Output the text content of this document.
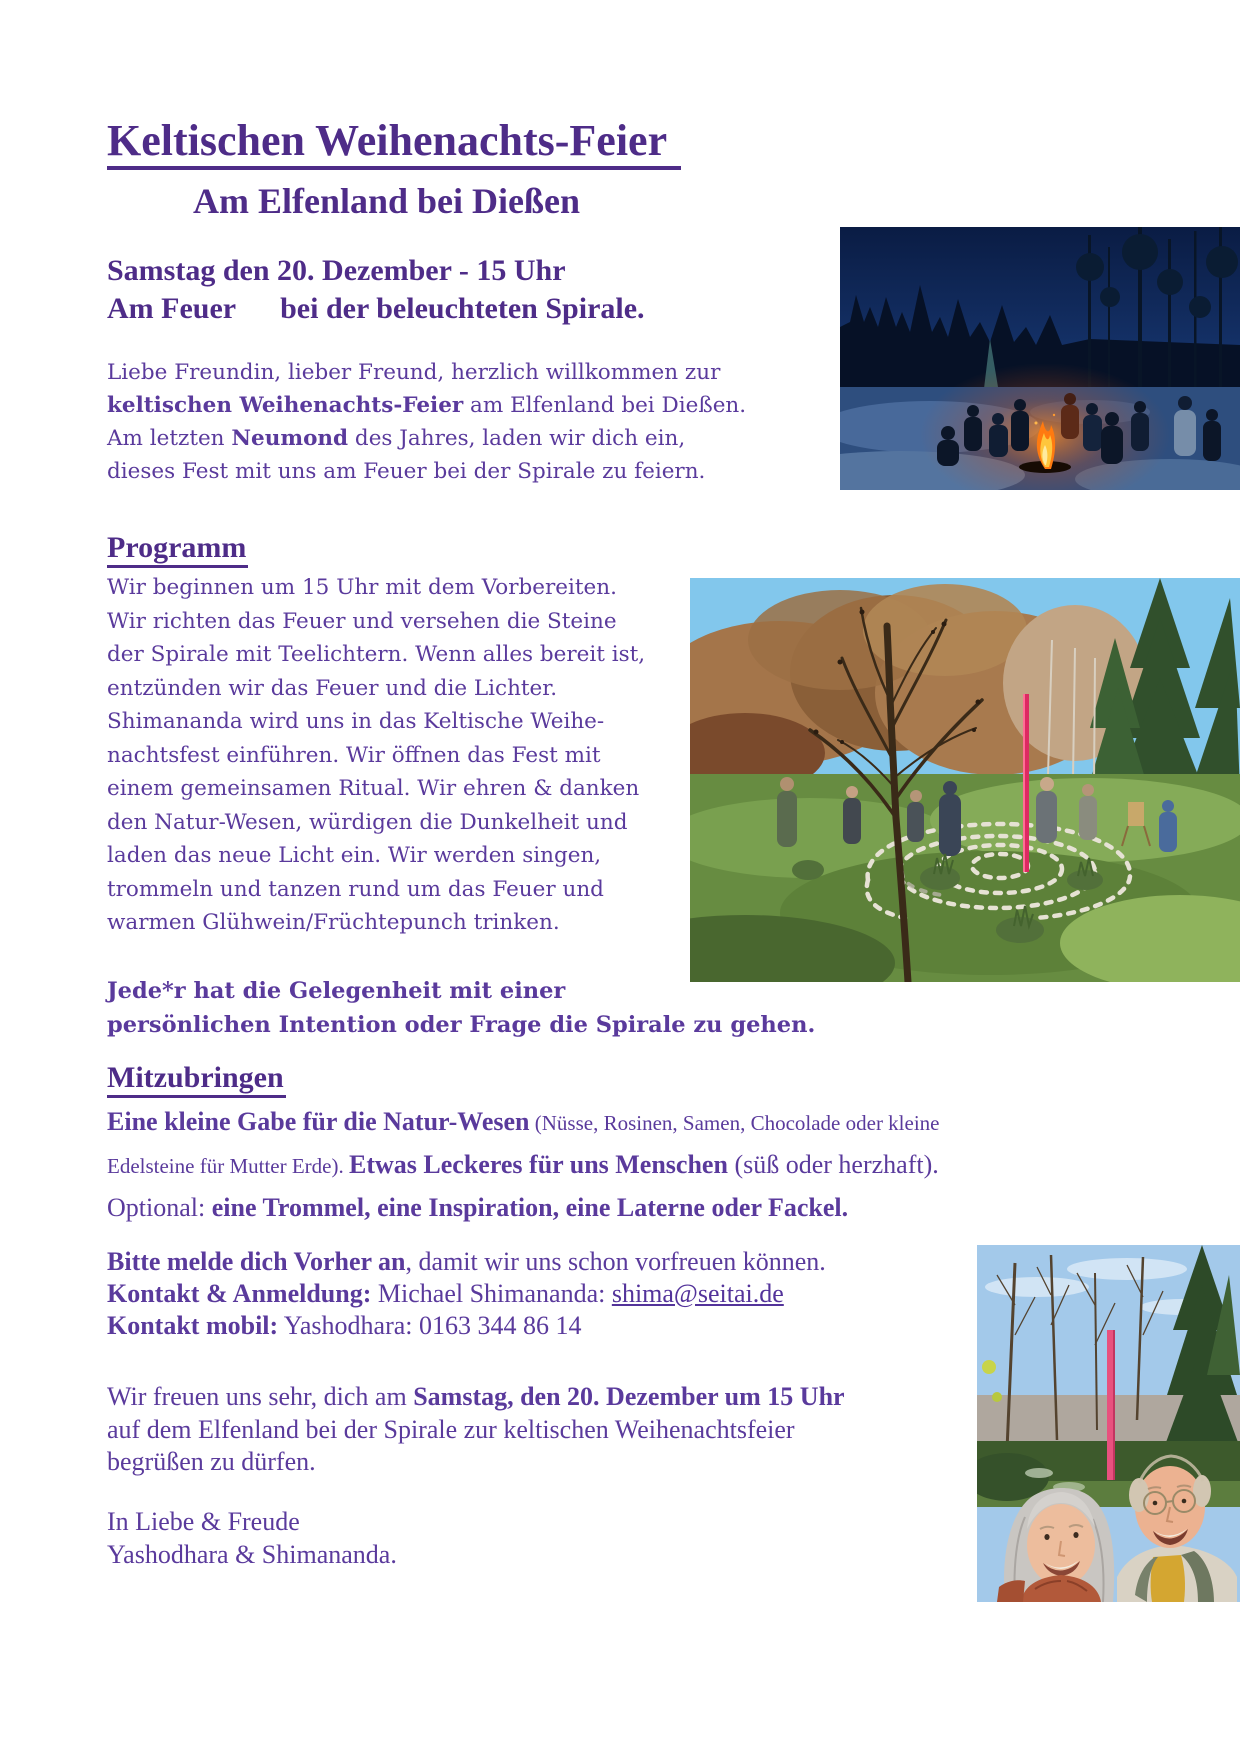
Keltischen Weihenachts-Feier
Am Elfenland bei Dießen
Samstag den 20. Dezember - 15 Uhr
Am Feuer bei der beleuchteten Spirale.
Liebe Freundin, lieber Freund, herzlich willkommen zur
keltischen Weihenachts-Feier am Elfenland bei Dießen.
Am letzten Neumond des Jahres, laden wir dich ein,
dieses Fest mit uns am Feuer bei der Spirale zu feiern.
Programm
Wir beginnen um 15 Uhr mit dem Vorbereiten.
Wir richten das Feuer und versehen die Steine
der Spirale mit Teelichtern. Wenn alles bereit ist,
entzünden wir das Feuer und die Lichter.
Shimananda wird uns in das Keltische Weihe-
nachtsfest einführen. Wir öffnen das Fest mit
einem gemeinsamen Ritual. Wir ehren & danken
den Natur-Wesen, würdigen die Dunkelheit und
laden das neue Licht ein. Wir werden singen,
trommeln und tanzen rund um das Feuer und
warmen Glühwein/Früchtepunch trinken.
Jede*r hat die Gelegenheit mit einer
persönlichen Intention oder Frage die Spirale zu gehen.
Mitzubringen
Eine kleine Gabe für die Natur-Wesen (Nüsse, Rosinen, Samen, Chocolade oder kleine
Edelsteine für Mutter Erde). Etwas Leckeres für uns Menschen (süß oder herzhaft).
Optional: eine Trommel, eine Inspiration, eine Laterne oder Fackel.
Bitte melde dich Vorher an, damit wir uns schon vorfreuen können.
Kontakt & Anmeldung: Michael Shimananda: shima@seitai.de
Kontakt mobil: Yashodhara: 0163 344 86 14
Wir freuen uns sehr, dich am Samstag, den 20. Dezember um 15 Uhr
auf dem Elfenland bei der Spirale zur keltischen Weihenachtsfeier
begrüßen zu dürfen.
In Liebe & Freude
Yashodhara & Shimananda.
